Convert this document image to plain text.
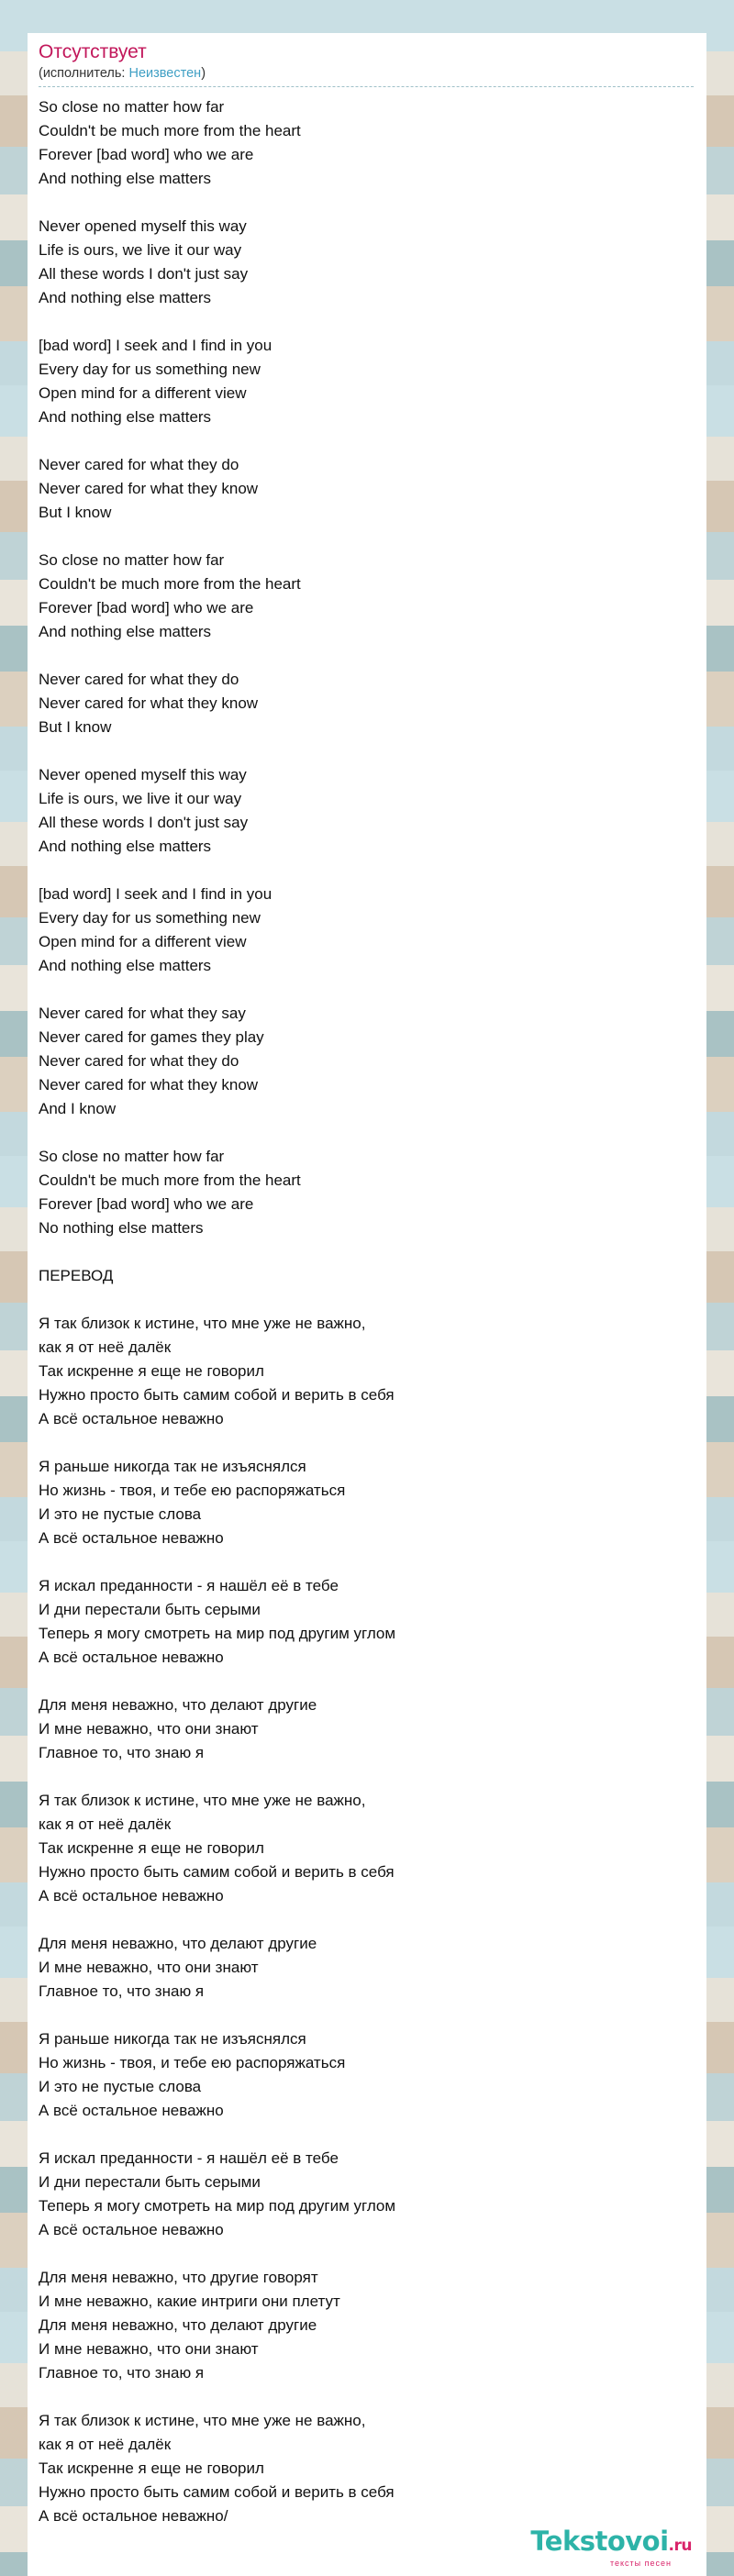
Отсутствует
(исполнитель: Неизвестен)
So close no matter how far
Couldn't be much more from the heart
Forever [bad word] who we are
And nothing else matters
Never opened myself this way
Life is ours, we live it our way
All these words I don't just say
And nothing else matters
[bad word] I seek and I find in you
Every day for us something new
Open mind for a different view
And nothing else matters
Never cared for what they do
Never cared for what they know
But I know
So close no matter how far
Couldn't be much more from the heart
Forever [bad word] who we are
And nothing else matters
Never cared for what they do
Never cared for what they know
But I know
Never opened myself this way
Life is ours, we live it our way
All these words I don't just say
And nothing else matters
[bad word] I seek and I find in you
Every day for us something new
Open mind for a different view
And nothing else matters
Never cared for what they say
Never cared for games they play
Never cared for what they do
Never cared for what they know
And I know
So close no matter how far
Couldn't be much more from the heart
Forever [bad word] who we are
No nothing else matters
ПЕРЕВОД
Я так близок к истине, что мне уже не важно,
как я от неё далёк
Так искренне я еще не говорил
Нужно просто быть самим собой и верить в себя
А всё остальное неважно
Я раньше никогда так не изъяснялся
Но жизнь - твоя, и тебе ею распоряжаться
И это не пустые слова
А всё остальное неважно
Я искал преданности - я нашёл её в тебе
И дни перестали быть серыми
Теперь я могу смотреть на мир под другим углом
А всё остальное неважно
Для меня неважно, что делают другие
И мне неважно, что они знают
Главное то, что знаю я
Я так близок к истине, что мне уже не важно,
как я от неё далёк
Так искренне я еще не говорил
Нужно просто быть самим собой и верить в себя
А всё остальное неважно
Для меня неважно, что делают другие
И мне неважно, что они знают
Главное то, что знаю я
Я раньше никогда так не изъяснялся
Но жизнь - твоя, и тебе ею распоряжаться
И это не пустые слова
А всё остальное неважно
Я искал преданности - я нашёл её в тебе
И дни перестали быть серыми
Теперь я могу смотреть на мир под другим углом
А всё остальное неважно
Для меня неважно, что другие говорят
И мне неважно, какие интриги они плетут
Для меня неважно, что делают другие
И мне неважно, что они знают
Главное то, что знаю я
Я так близок к истине, что мне уже не важно,
как я от неё далёк
Так искренне я еще не говорил
Нужно просто быть самим собой и верить в себя
А всё остальное неважно/
Tekstovoi.ru
тексты песен
